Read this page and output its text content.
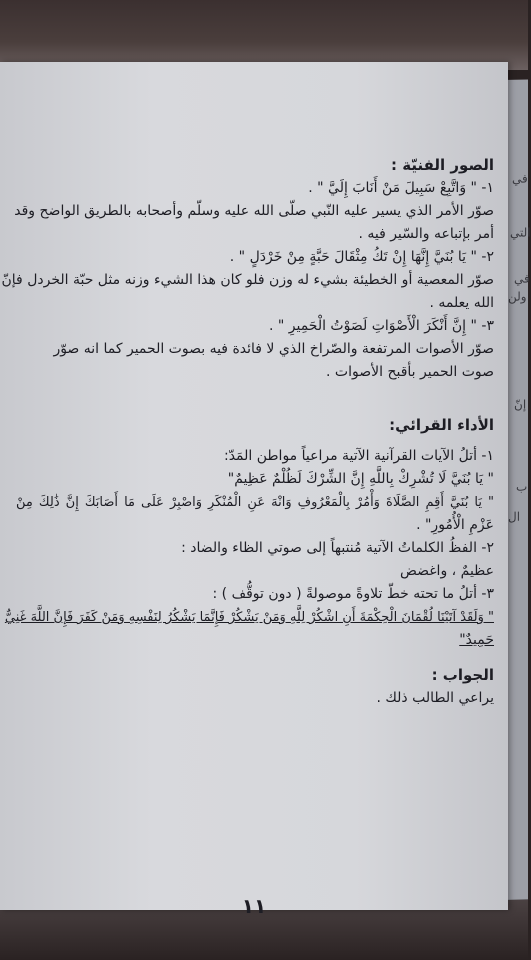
في
التي
في
ولن
إنّ
ب
ال
١١
الصور الفنيّة :
١- " وَاتَّبِعْ سَبِيلَ مَنْ أَنَابَ إِلَيَّ " .
صوّر الأمر الذي يسير عليه النّبي صلّى الله عليه وسلّم وأصحابه بالطريق الواضح وقد
أمر بإتباعه والسّير فيه .
٢- " يَا بُنَيَّ إِنَّهَا إِنْ تَكُ مِثْقَالَ حَبَّةٍ مِنْ خَرْدَلٍ " .
صوّر المعصية أو الخطيئة بشيء له وزن فلو كان هذا الشيء وزنه مثل حبّة الخردل فإنّ
الله يعلمه .
٣- " إِنَّ أَنْكَرَ الْأَصْوَاتِ لَصَوْتُ الْحَمِيرِ " .
صوّر الأصوات المرتفعة والصّراخ الذي لا فائدة فيه بصوت الحمير كما انه صوّر
صوت الحمير بأقبح الأصوات .
الأداء القرائي:
١- أتلُ الآيات القرآنية الآتية مراعياً مواطن المَدّ:
" يَا بُنَيَّ لَا تُشْرِكْ بِاللَّهِ إِنَّ الشِّرْكَ لَظُلْمٌ عَظِيمٌ"
" يَا بُنَيَّ أَقِمِ الصَّلَاةَ وَأْمُرْ بِالْمَعْرُوفِ وَانْهَ عَنِ الْمُنْكَرِ وَاصْبِرْ عَلَى مَا أَصَابَكَ إِنَّ ذَٰلِكَ مِنْ
عَزْمِ الْأُمُورِ" .
٢- الفظُ الكلماتُ الآتية مُنتبهاً إلى صوتي الظاء والضاد :
عظيمٌ ، واغضض
٣- أتلُ ما تحته خطّ تلاوةً موصولةً ( دون توقُّف ) :
" وَلَقَدْ آتَيْنَا لُقْمَانَ الْحِكْمَةَ أَنِ اشْكُرْ لِلَّهِ وَمَنْ يَشْكُرْ فَإِنَّمَا يَشْكُرُ لِنَفْسِهِ وَمَنْ كَفَرَ فَإِنَّ اللَّهَ غَنِيٌّ
حَمِيدٌ"
الجواب :
يراعي الطالب ذلك .
